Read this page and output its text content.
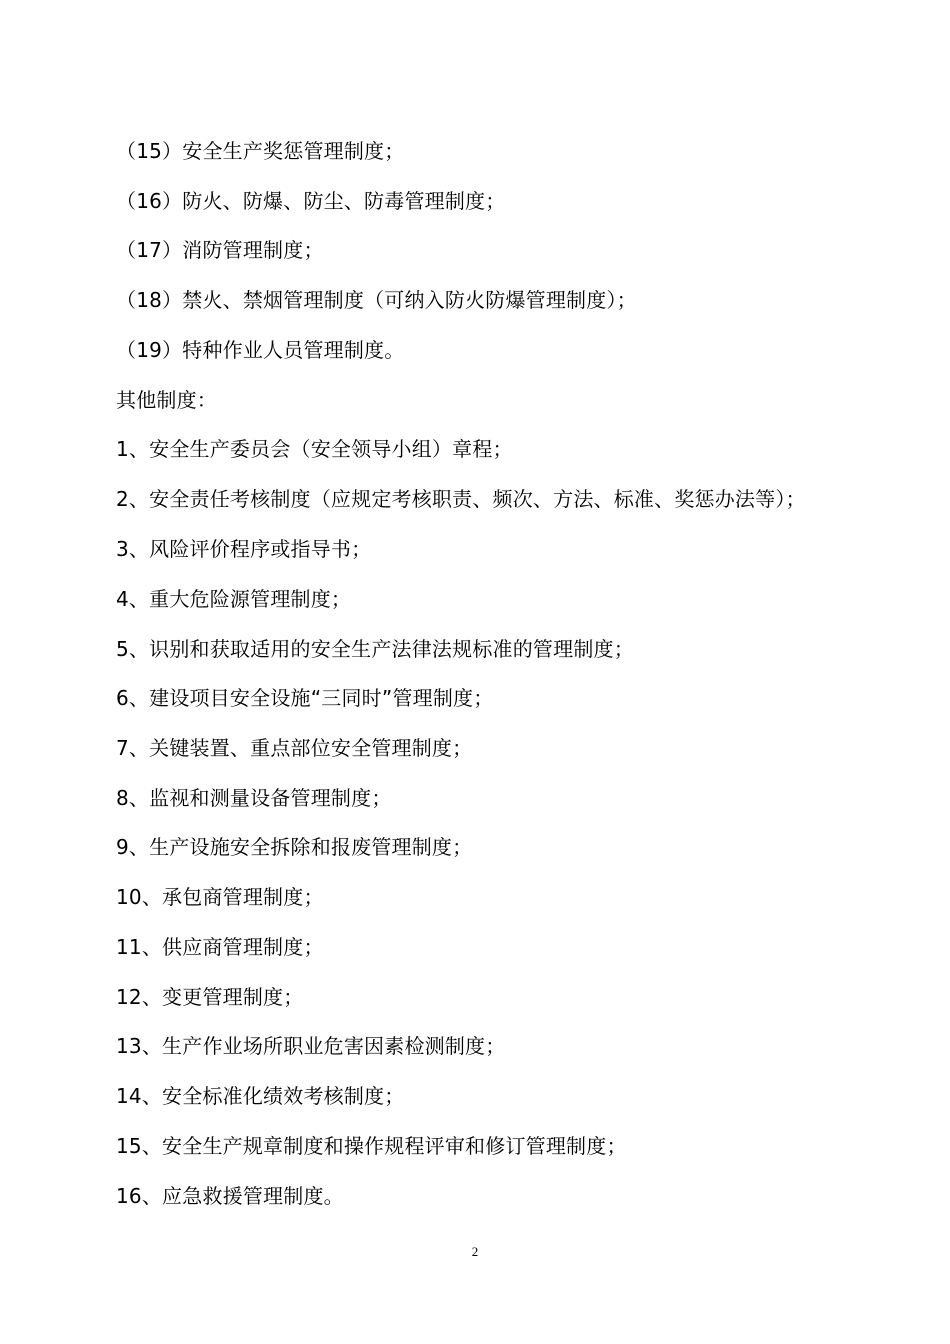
（15）安全生产奖惩管理制度；
（16）防火、防爆、防尘、防毒管理制度；
（17）消防管理制度；
（18）禁火、禁烟管理制度（可纳入防火防爆管理制度）；
（19）特种作业人员管理制度。
其他制度：
1、安全生产委员会（安全领导小组）章程；
2、安全责任考核制度（应规定考核职责、频次、方法、标准、奖惩办法等）；
3、风险评价程序或指导书；
4、重大危险源管理制度；
5、识别和获取适用的安全生产法律法规标准的管理制度；
6、建设项目安全设施“三同时”管理制度；
7、关键装置、重点部位安全管理制度；
8、监视和测量设备管理制度；
9、生产设施安全拆除和报废管理制度；
10、承包商管理制度；
11、供应商管理制度；
12、变更管理制度；
13、生产作业场所职业危害因素检测制度；
14、安全标准化绩效考核制度；
15、安全生产规章制度和操作规程评审和修订管理制度；
16、应急救援管理制度。
2
